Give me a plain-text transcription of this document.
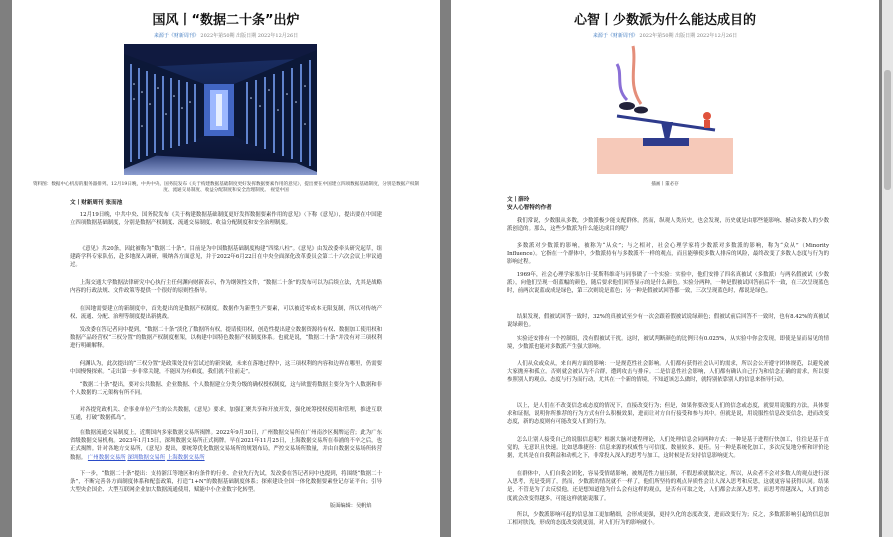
国风丨“数据二十条”出炉
来源于《财新周刊》 2022年第50期 出版日期 2022年12月26日
资料图：数据中心机房的服务器排列。12月19日晚，中共中央、国务院发布《关于构建数据基础制度更好发挥数据要素作用的意见》，提出要在中国建立四项数据基础制度，分别是数据产权制度、流通交易制度、收益分配制度和安全治理制度。 视觉中国
文丨财新周刊 张而池

12月19日晚，中共中央、国务院发布《关于构建数据基础制度更好发挥数据要素作用的意见》（下称《意见》），提出要在中国建立四项数据基础制度，分别是数据产权制度、流通交易制度、收益分配制度和安全治理制度。

《意见》共20条，因此被称为“数据二十条”。目前是为中国数据基础制度构建“四梁八柱”。《意见》由发改委牵头研究起草，组建跨学科专家队伍，赴多地深入调研，吸纳各方面意见，并于2022年6月22日在中央全面深化改革委员会第二十六次会议上审议通过。

上海交通大学数据法律研究中心执行主任何渊向财新表示，作为纲领性文件，“数据二十条”的发布可以为后续立法，尤其是战略内容的行政法规、文件政策等提供一个很好的原则性指导。

在因地需要建立的新制度中，首先提出的是数据产权制度。数据作为新型生产要素，可以被近零成本无限复制，所以对传统产权、流通、分配、治理等制度提出新挑战。

发改委在答记者问中提到，“数据二十条”淡化了数据所有权，提请使用权，创造性提出建立数据资源持有权、数据加工使用权和数据产品经营权“三权分置”的数据产权制度框架，以构建中国特色数据产权制度体系。也就是说，“数据二十条”并没有对三项权利进行明确解释。

何渊认为，此次提出的“三权分置”是政策处没有尝试过的新突破，未来在落地过程中，这三项权利的内容和边界在哪里，仍需要中国慢慢探索。“走出第一步非常关键，不能因为有难度，我们就不往前走”。

“数据二十条”提出，要对公共数据、企业数据、个人数据建立分类分级的确权授权制度，这与欧盟将数据主要分为个人数据和非个人数据的二元架构有所不同。

对各提党政机关、企事业单位产生的公共数据，《意见》要求，加强汇聚共享和开放开发，强化统筹授权使用和管理，推进互联互通，打破“数据孤岛”。

在数据流通交易制度上，近期国内多家数据交易所揭牌。2022年9月30日，广州数据交易所在广州南沙区揭牌运营；此为广东省级数据交易机构。2023年1月15日，深圳数据交易所正式揭牌。早在2021年11月25日，上海数据交易所在奉浦的不辛之后，也正式揭牌。针对各地方交易所，《意见》提出，要统筹优化数据交易场所的规划布局，严控交易场所数量，并由自数据交易场所转营数据。 广州数据交易所 深圳数据交易所 上海数据交易所

下一步，“数据二十条”提出：支持浙江等地区和有条件的行业、企业先行先试，发改委在答记者问中也提到，将围绕“数据二十条”，不断完善各方面制度体系和配套政策，打造“1+N”的数据基础制度体系；探索建设全国一体化数据要素登记存证平台；引导大型央企国企、大型互联网企业加大数据流通使用，赋能中小企业数字化转型。

版面编辑：吴帆焰
心智丨少数派为什么能达成目的
来源于《财新周刊》 2022年第50期 出版日期 2022年12月26日
插画丨董必存
文丨薛玲
安人心智特约作者

我们常说，少数服从多数，少数派极少能支配群体。然而，纵观人类历史，也会发现，历史就是由那些能影响、撼动多数人的少数派创造的。那么，这些少数派为什么能达成目的呢？

多数派对少数派的影响，被称为“从众”；与之相对，社会心理学家将少数派对多数派的影响，称为“众从”（Minority Influence）。它指在一个群体中，少数派持有与多数派不一样的观点，而且能够使多数人排斥的风险，最终改变了多数人态度与行为的影响过程。

1969年，社会心理学家塞尔日·莫斯科维奇与同事做了一个实验：实验中，他们安排了四名真被试（多数派）与两名假被试（少数派），向他们呈现一组蓝幅的颜色，随后要求他们回答显示的是什么颜色。实验分两种，一种是假被试回答前后不一致，在三次呈现蓝色时，前两次说蓝或成是绿色，第三次则说是蓝色；另一种是假被试回答都一致，三次呈现蓝色时，都说是绿色。

结果发现，假被试回答一致时，32%的真被试至少有一次会跟着假被试说绿颜色；假被试前后回答不一致时，也有8.42%的真被试说绿颜色。

实验还安排有一个控制组，没有假被试干扰。这时，被试判断颜色的比例只有0.025%，从实验中你会发现，即使是显而易见的情境，少数派也能对多数派产生强大影响。

人们从众或众从，来自两方面的影响：一是规范性社会影响。人们都有获得社会认可的需求，所以会公开遵守团体规范，以避免被大家抛弃和孤立。否则就会被认为不合群，遭到攻击与排斥。二是信息性社会影响，人们都有确认自己行为和信念正确的需求，所以要参照别人的观点、态度与行为而行动，尤其在一个新的情境，不知道该怎么做时，就特别依靠别人的信息来指导行动。

以上，是人们在不改变信念或态度的情况下，直接改变行为；但是，如果你要改变人们的信念或态度，就要用说服的方法，具体要求和证据，说明你所推荐的行为方式有什么积极效果，进而让对方自行接受和参与其中。但就是说，用说服性信息改变信念，进而改变态度，新的态度则有可能改变人们的行为。

怎么让别人接受自己的说服信息呢？根据大脑对进程理论，人们处理信息会同两种方式：一种是基于进程行快加工，往往是基于直觉的，无意识且快速。比如思维捷径：信息来源的权威性与可信度、数量较多、更佳。另一种是系统化加工，多次反复地分析和评价论据，尤其是在自我利益和动机之下，非常投入深入的思考与加工，这时候是否支持信息影响更大。

在群体中，人们自我会团化，容易受情绪影响，被规范性力量压制，不假思索就做决定。所以，从众者不会对多数人的观点进行深入思考，光是受到了，然而，少数派的情况就不一样了，他们所坚持的观点异质性会让人深入思考和反思，这就更容易获得认同。结果是，不管是为了去反驳他，还是想知道他为什么会有这样的观点，是否有可取之处，人们都会去深入思考，而思考得越深入，人们的态度就会改变得越多，可能这样就能说服了。

所以，少数派影响可起的信息加工更加精细，会形成更强，更持久化的态度改变，进而改变行为；反之，多数派影响引起的信息加工相对肤浅，形成的态度改变就更弱，对人们行为的影响就小。
